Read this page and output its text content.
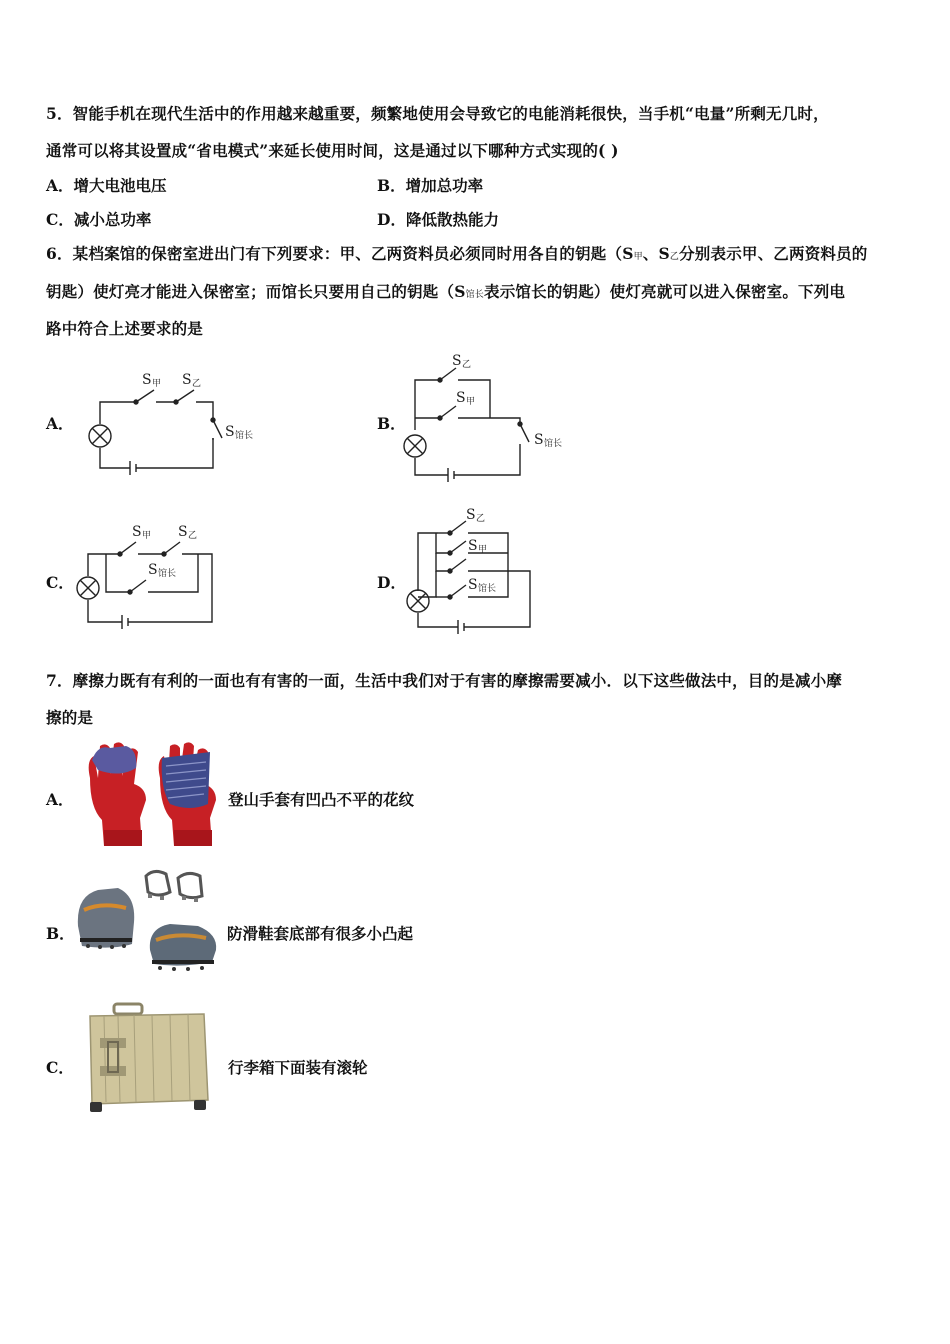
5．智能手机在现代生活中的作用越来越重要，频繁地使用会导致它的电能消耗很快，当手机“电量”所剩无几时，
通常可以将其设置成“省电模式”来延长使用时间，这是通过以下哪种方式实现的( )
A．增大电池电压	B．增加总功率
C．减小总功率	D．降低散热能力
6．某档案馆的保密室进出门有下列要求：甲、乙两资料员必须同时用各自的钥匙（S甲、S乙分别表示甲、乙两资料员的
钥匙）使灯亮才能进入保密室；而馆长只要用自己的钥匙（S馆长表示馆长的钥匙）使灯亮就可以进入保密室。下列电
路中符合上述要求的是
A．	B．
C．	D．
S 甲 S 乙
S 馆长
S 乙
S 甲
S 馆长
S 甲 S 乙
S 馆长
S 乙
S 甲
S 馆长
7．摩擦力既有有利的一面也有有害的一面，生活中我们对于有害的摩擦需要减小．以下这些做法中，目的是减小摩
擦的是
A．	登山手套有凹凸不平的花纹
B．	防滑鞋套底部有很多小凸起
C．	行李箱下面装有滚轮
